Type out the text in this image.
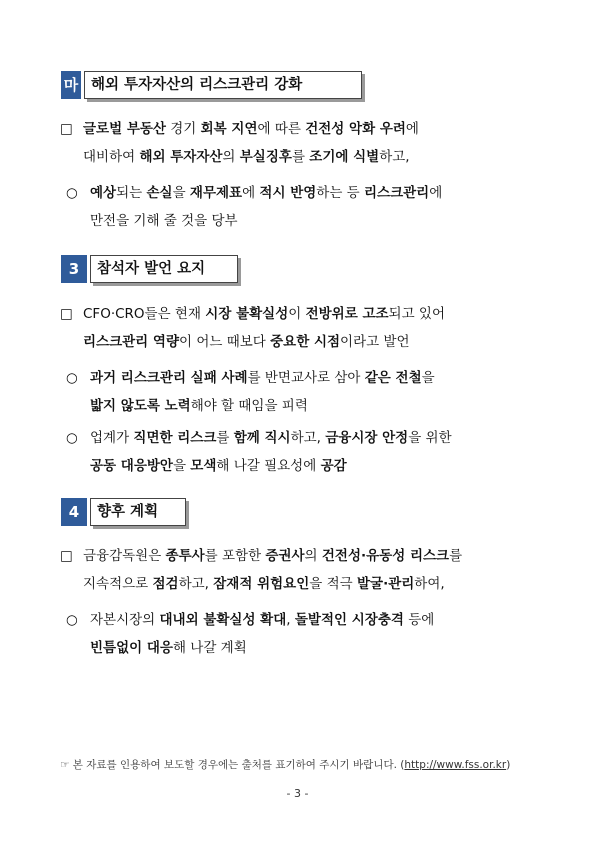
마 해외 투자자산의 리스크관리 강화
□ 글로벌 부동산 경기 회복 지연에 따른 건전성 악화 우려에
대비하여 해외 투자자산의 부실징후를 조기에 식별하고,
○ 예상되는 손실을 재무제표에 적시 반영하는 등 리스크관리에
만전을 기해 줄 것을 당부
3	참석자 발언 요지
□ CFO·CRO들은 현재 시장 불확실성이 전방위로 고조되고 있어
리스크관리 역량이 어느 때보다 중요한 시점이라고 발언
○ 과거 리스크관리 실패 사례를 반면교사로 삼아 같은 전철을
밟지 않도록 노력해야 할 때임을 피력
○ 업계가 직면한 리스크를 함께 직시하고, 금융시장 안정을 위한
공동 대응방안을 모색해 나갈 필요성에 공감
4	향후 계획
□ 금융감독원은 종투사를 포함한 증권사의 건전성·유동성 리스크를
지속적으로 점검하고, 잠재적 위험요인을 적극 발굴·관리하여,
○ 자본시장의 대내외 불확실성 확대, 돌발적인 시장충격 등에
빈틈없이 대응해 나갈 계획
☞ 본 자료를 인용하여 보도할 경우에는 출처를 표기하여 주시기 바랍니다. (http://www.fss.or.kr)
- 3 -
